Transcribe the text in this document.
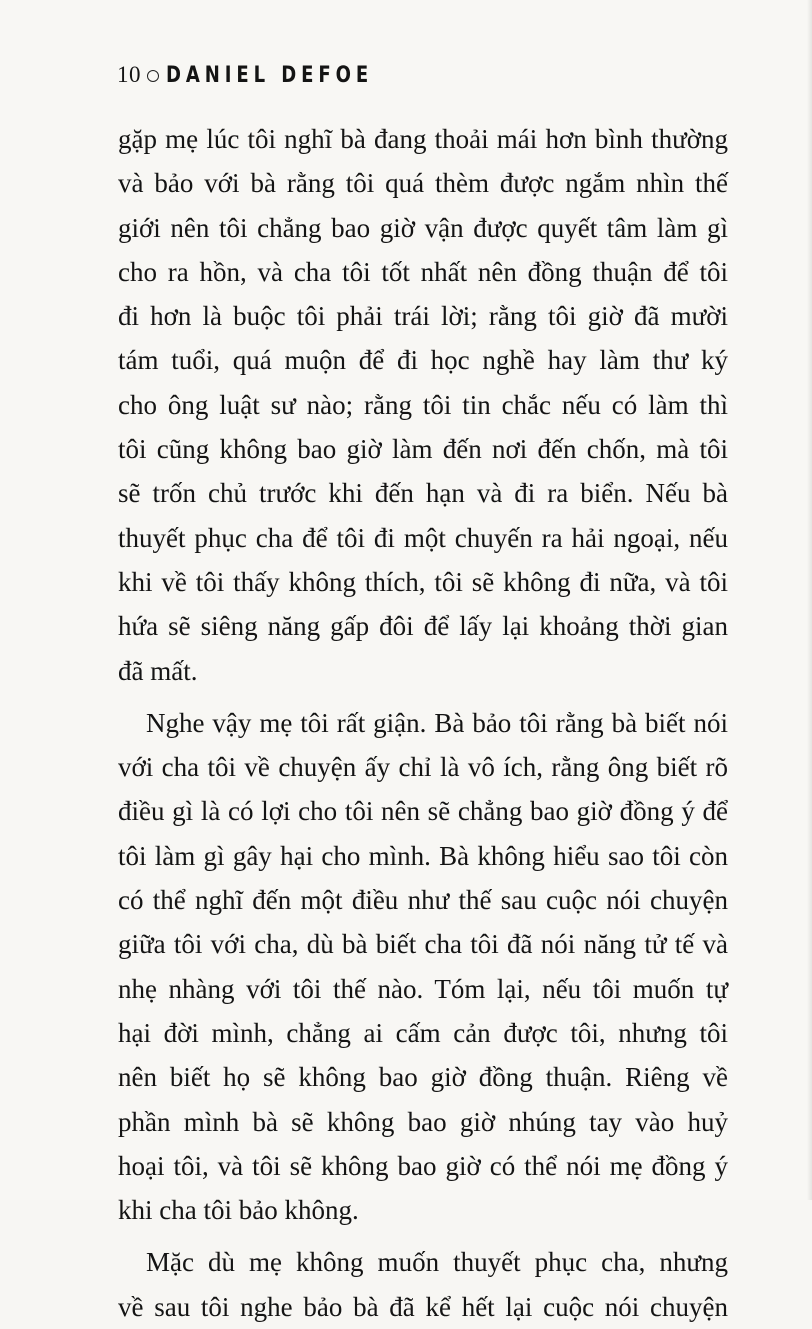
10 DANIEL DEFOE
gặp mẹ lúc tôi nghĩ bà đang thoải mái hơn bình thường
và bảo với bà rằng tôi quá thèm được ngắm nhìn thế
giới nên tôi chẳng bao giờ vận được quyết tâm làm gì
cho ra hồn, và cha tôi tốt nhất nên đồng thuận để tôi
đi hơn là buộc tôi phải trái lời; rằng tôi giờ đã mười
tám tuổi, quá muộn để đi học nghề hay làm thư ký
cho ông luật sư nào; rằng tôi tin chắc nếu có làm thì
tôi cũng không bao giờ làm đến nơi đến chốn, mà tôi
sẽ trốn chủ trước khi đến hạn và đi ra biển. Nếu bà
thuyết phục cha để tôi đi một chuyến ra hải ngoại, nếu
khi về tôi thấy không thích, tôi sẽ không đi nữa, và tôi
hứa sẽ siêng năng gấp đôi để lấy lại khoảng thời gian
đã mất.
Nghe vậy mẹ tôi rất giận. Bà bảo tôi rằng bà biết nói
với cha tôi về chuyện ấy chỉ là vô ích, rằng ông biết rõ
điều gì là có lợi cho tôi nên sẽ chẳng bao giờ đồng ý để
tôi làm gì gây hại cho mình. Bà không hiểu sao tôi còn
có thể nghĩ đến một điều như thế sau cuộc nói chuyện
giữa tôi với cha, dù bà biết cha tôi đã nói năng tử tế và
nhẹ nhàng với tôi thế nào. Tóm lại, nếu tôi muốn tự
hại đời mình, chẳng ai cấm cản được tôi, nhưng tôi
nên biết họ sẽ không bao giờ đồng thuận. Riêng về
phần mình bà sẽ không bao giờ nhúng tay vào huỷ
hoại tôi, và tôi sẽ không bao giờ có thể nói mẹ đồng ý
khi cha tôi bảo không.
Mặc dù mẹ không muốn thuyết phục cha, nhưng
về sau tôi nghe bảo bà đã kể hết lại cuộc nói chuyện
